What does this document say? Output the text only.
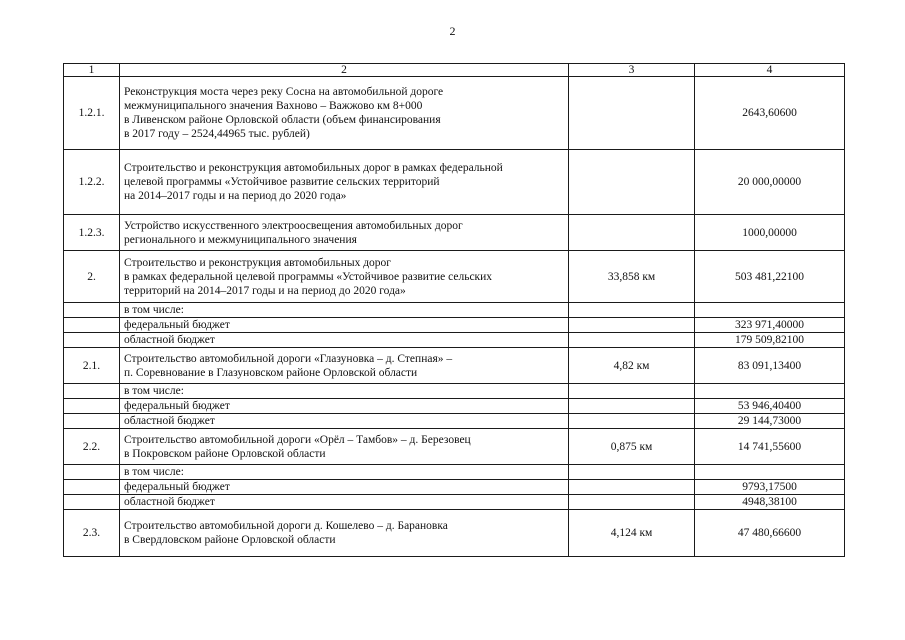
2
1	2	3	4
1.2.1.	Реконструкция моста через реку Сосна на автомобильной дороге
межмуниципального значения Вахново – Важжово км 8+000
в Ливенском районе Орловской области (объем финансирования
в 2017 году – 2524,44965 тыс. рублей)		2643,60600
1.2.2.	Строительство и реконструкция автомобильных дорог в рамках федеральной
целевой программы «Устойчивое развитие сельских территорий
на 2014–2017 годы и на период до 2020 года»		20 000,00000
1.2.3.	Устройство искусственного электроосвещения автомобильных дорог
регионального и межмуниципального значения		1000,00000
2.	Строительство и реконструкция автомобильных дорог
в рамках федеральной целевой программы «Устойчивое развитие сельских
территорий на 2014–2017 годы и на период до 2020 года»	33,858 км	503 481,22100

	в том числе:		

	федеральный бюджет		323 971,40000

	областной бюджет		179 509,82100
2.1.	Строительство автомобильной дороги «Глазуновка – д. Степная» –
п. Соревнование в Глазуновском районе Орловской области	4,82 км	83 091,13400

	в том числе:		

	федеральный бюджет		53 946,40400

	областной бюджет		29 144,73000
2.2.	Строительство автомобильной дороги «Орёл – Тамбов» – д. Березовец
в Покровском районе Орловской области	0,875 км	14 741,55600

	в том числе:		

	федеральный бюджет		9793,17500

	областной бюджет		4948,38100
2.3.	Строительство автомобильной дороги д. Кошелево – д. Барановка
в Свердловском районе Орловской области	4,124 км	47 480,66600
